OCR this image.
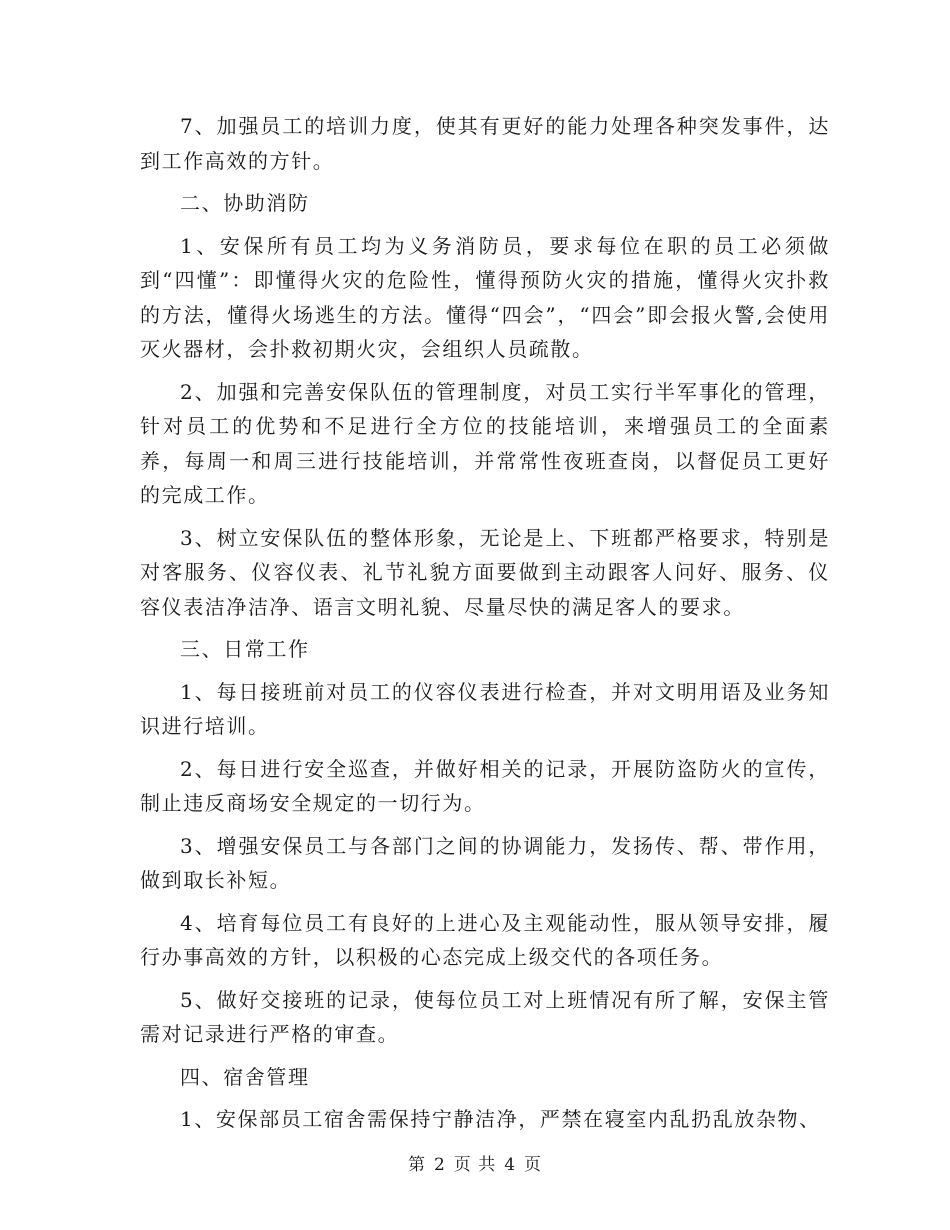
7、加强员工的培训力度，使其有更好的能力处理各种突发事件，达到工作高效的方针。

二、协助消防

1、安保所有员工均为义务消防员，要求每位在职的员工必须做到“四懂”：即懂得火灾的危险性，懂得预防火灾的措施，懂得火灾扑救的方法，懂得火场逃生的方法。懂得“四会”，“四会”即会报火警,会使用灭火器材，会扑救初期火灾，会组织人员疏散。

2、加强和完善安保队伍的管理制度，对员工实行半军事化的管理，针对员工的优势和不足进行全方位的技能培训，来增强员工的全面素养，每周一和周三进行技能培训，并常常性夜班查岗，以督促员工更好的完成工作。

3、树立安保队伍的整体形象，无论是上、下班都严格要求，特别是对客服务、仪容仪表、礼节礼貌方面要做到主动跟客人问好、服务、仪容仪表洁净洁净、语言文明礼貌、尽量尽快的满足客人的要求。

三、日常工作

1、每日接班前对员工的仪容仪表进行检查，并对文明用语及业务知识进行培训。

2、每日进行安全巡查，并做好相关的记录，开展防盗防火的宣传，制止违反商场安全规定的一切行为。

3、增强安保员工与各部门之间的协调能力，发扬传、帮、带作用，做到取长补短。

4、培育每位员工有良好的上进心及主观能动性，服从领导安排，履行办事高效的方针，以积极的心态完成上级交代的各项任务。

5、做好交接班的记录，使每位员工对上班情况有所了解，安保主管需对记录进行严格的审查。

四、宿舍管理

1、安保部员工宿舍需保持宁静洁净，严禁在寝室内乱扔乱放杂物、

第 2 页 共 4 页
